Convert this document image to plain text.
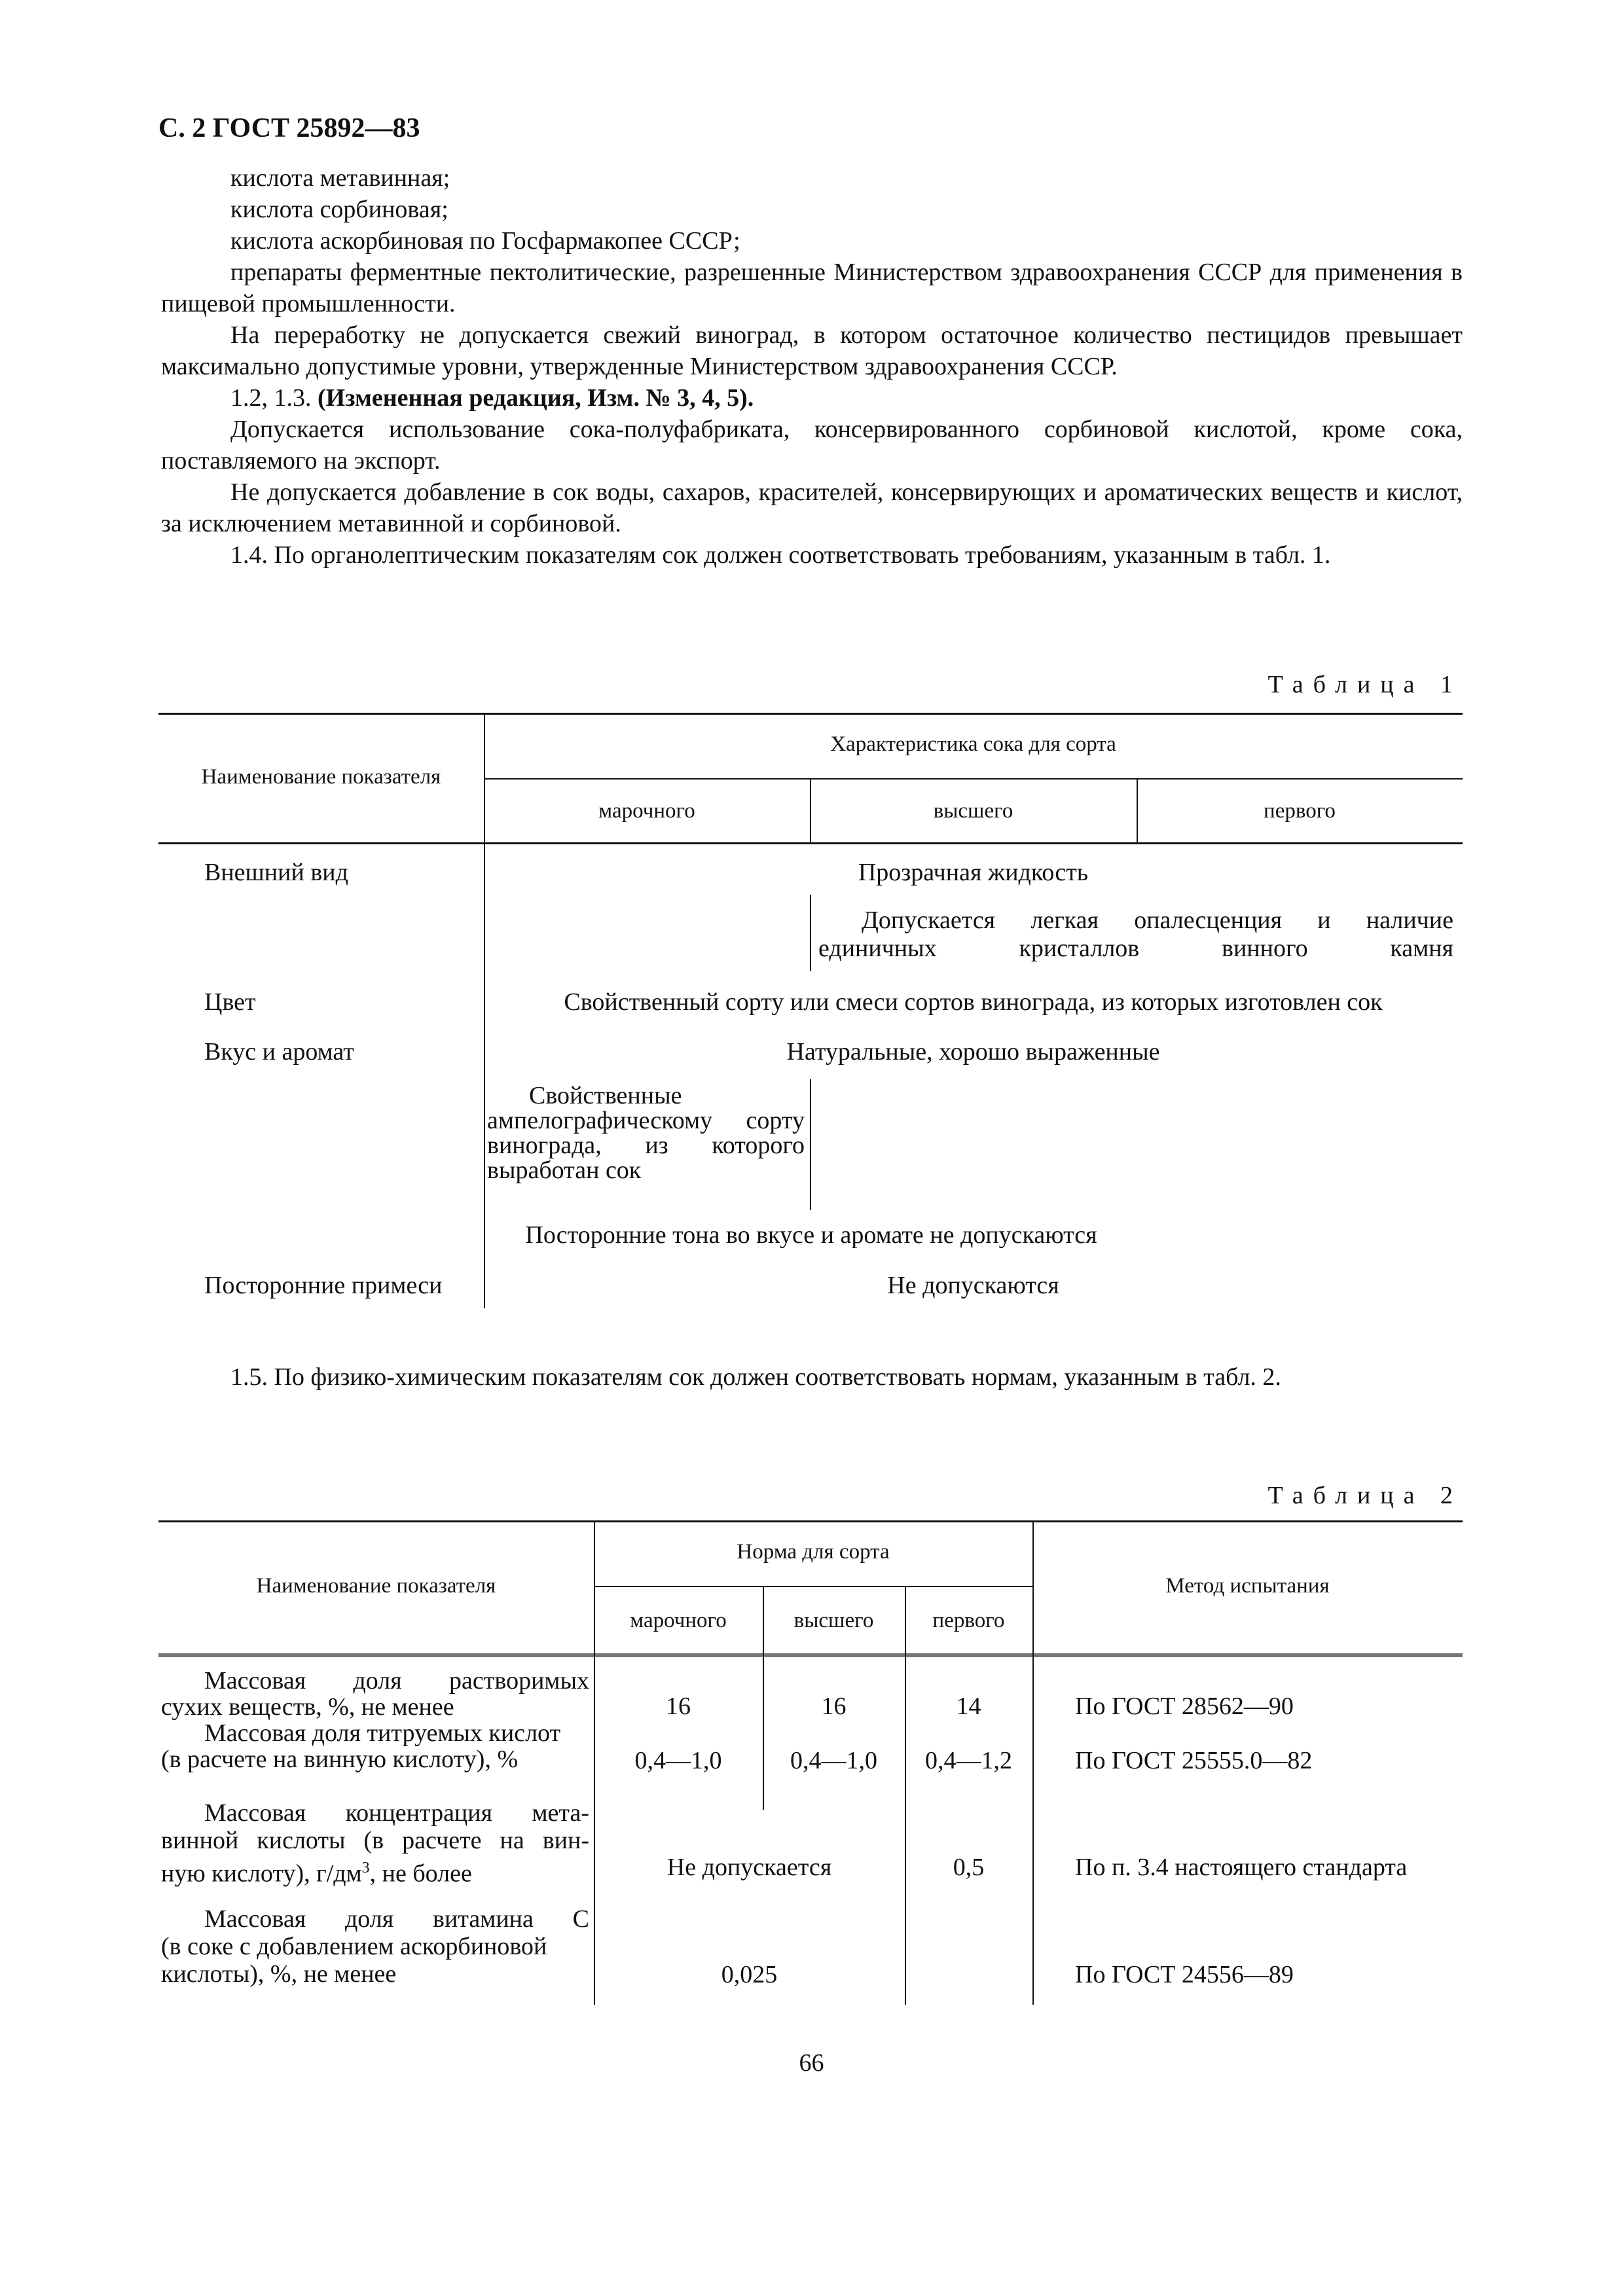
С. 2 ГОСТ 25892—83

кислота метавинная;

кислота сорбиновая;

кислота аскорбиновая по Госфармакопее СССР;

препараты ферментные пектолитические, разрешенные Министерством здравоохранения СССР для применения в пищевой промышленности.

На переработку не допускается свежий виноград, в котором остаточное количество пестицидов превышает максимально допустимые уровни, утвержденные Министерством здравоохранения СССР.

1.2, 1.3. (Измененная редакция, Изм. № 3, 4, 5).

Допускается использование сока-полуфабриката, консервированного сорбиновой кислотой, кроме сока, поставляемого на экспорт.

Не допускается добавление в сок воды, сахаров, красителей, консервирующих и ароматических веществ и кислот, за исключением метавинной и сорбиновой.

1.4. По органолептическим показателям сок должен соответствовать требованиям, указанным в табл. 1.

Таблица 1
Наименование показателя
Характеристика сока для сорта
марочного	высшего	первого
Внешний вид	Прозрачная жидкость
Допускается легкая опалесценция и наличие единичных кристаллов винного камня
Цвет	Свойственный сорту или смеси сортов винограда, из которых изготовлен сок
Вкус и аромат	Натуральные, хорошо выраженные
Свойственные ампелографическому сорту винограда, из которого выработан сок
Посторонние тона во вкусе и аромате не допускаются
Посторонние примеси	Не допускаются

1.5. По физико-химическим показателям сок должен соответствовать нормам, указанным в табл. 2.

Таблица 2
Наименование показателя
Норма для сорта
марочного	высшего	первого
Метод испытания
Массовая доля растворимых
сухих веществ, %, не менее	16	16	14	По ГОСТ 28562—90
Массовая доля титруемых кислот
(в расчете на винную кислоту), %	0,4—1,0	0,4—1,0	0,4—1,2	По ГОСТ 25555.0—82
Массовая концентрация мета-
винной кислоты (в расчете на вин-
ную кислоту), $г/дм^3$, не более	Не допускается	0,5	По п. 3.4 настоящего стандарта
Массовая доля витамина С
(в соке с добавлением аскорбиновой
кислоты), %, не менее	0,025	По ГОСТ 24556—89
66
